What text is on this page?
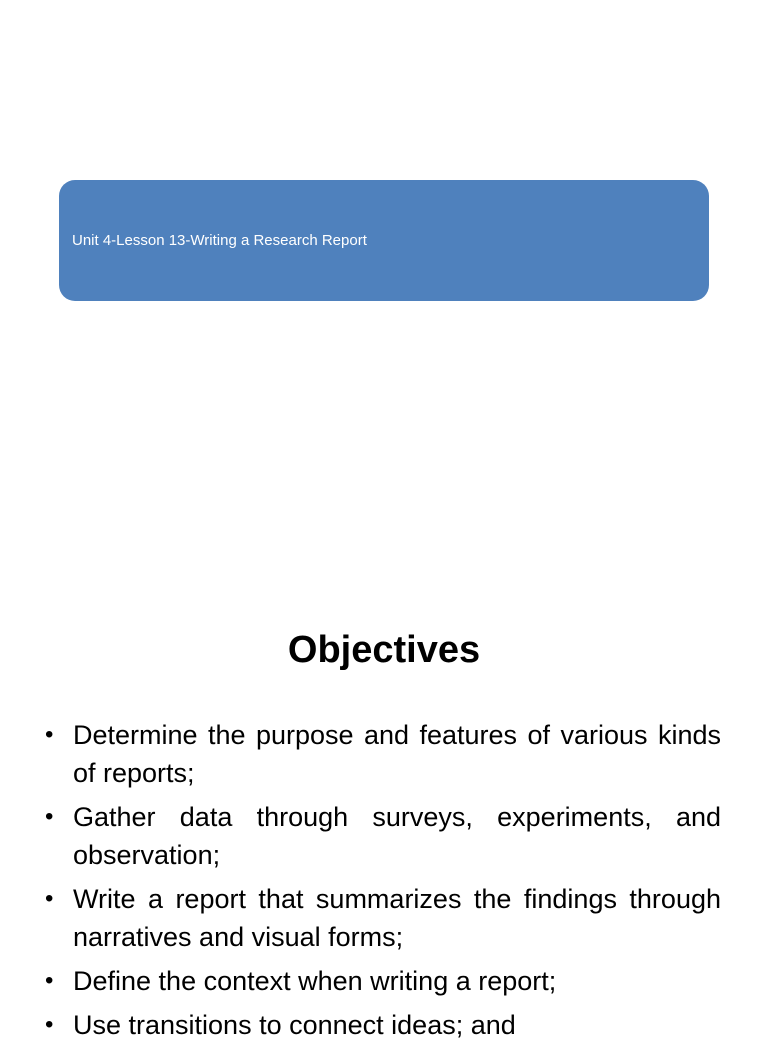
Unit 4-Lesson 13-Writing a Research Report
Objectives
• Determine the purpose and features of various kinds of reports;
• Gather data through surveys, experiments, and observation;
• Write a report that summarizes the findings through narratives and visual forms;
• Define the context when writing a report;
• Use transitions to connect ideas; and
